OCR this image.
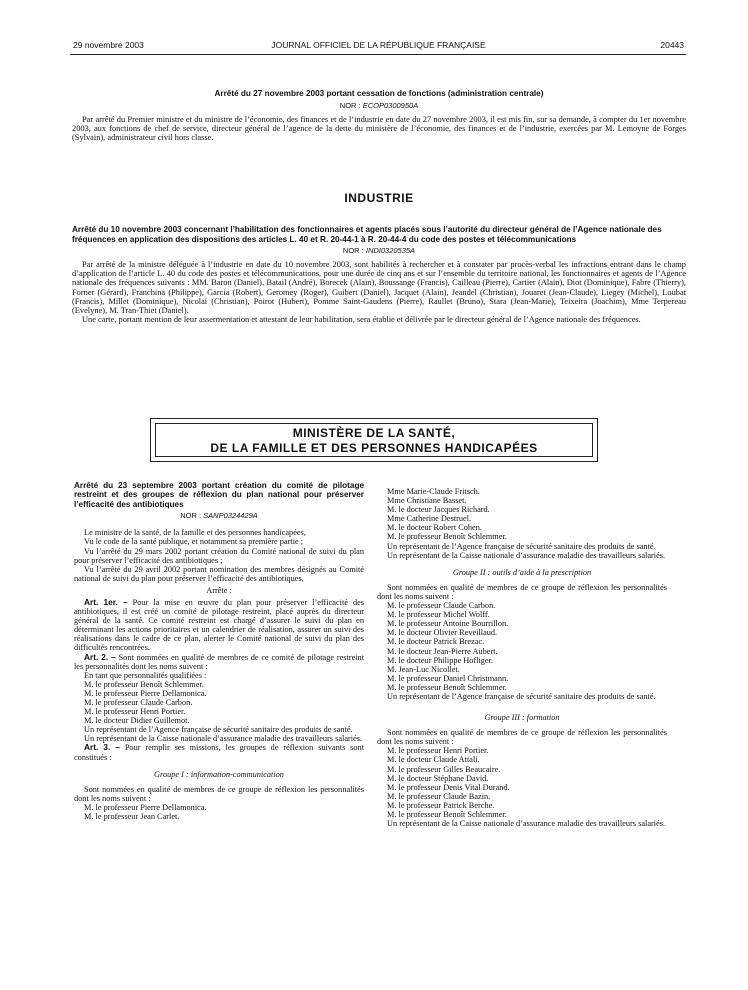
29 novembre 2003	JOURNAL OFFICIEL DE LA RÉPUBLIQUE FRANÇAISE	20443
Arrêté du 27 novembre 2003 portant cessation de fonctions (administration centrale)
NOR : ECOP0300950A
Par arrêté du Premier ministre et du ministre de l’économie, des finances et de l’industrie en date du 27 novembre 2003, il est mis fin, sur sa demande, à compter du 1er novembre 2003, aux fonctions de chef de service, directeur général de l’agence de la dette du ministère de l’économie, des finances et de l’industrie, exercées par M. Lemoyne de Forges (Sylvain), administrateur civil hors classe.
INDUSTRIE
Arrêté du 10 novembre 2003 concernant l’habilitation des fonctionnaires et agents placés sous l’autorité du directeur général de l’Agence nationale des fréquences en application des dispositions des articles L. 40 et R. 20-44-1 à R. 20-44-4 du code des postes et télécommunications
NOR : INDI0320535A
Par arrêté de la ministre déléguée à l’industrie en date du 10 novembre 2003, sont habilités à rechercher et à constater par procès-verbal les infractions entrant dans le champ d’application de l’article L. 40 du code des postes et télécommunications, pour une durée de cinq ans et sur l’ensemble du territoire national, les fonctionnaires et agents de l’Agence nationale des fréquences suivants : MM. Baron (Daniel), Batail (André), Borecek (Alain), Boussange (Francis), Cailleau (Pierre), Cartier (Alain), Diot (Dominique), Fabre (Thierry), Forner (Gérard), Franchina (Philippe), Garcia (Robert), Geromey (Roger), Guibert (Daniel), Jacquet (Alain), Jeandel (Christian), Jouaret (Jean-Claude), Liegey (Michel), Loubat (Francis), Millet (Dominique), Nicolai (Christian), Poirot (Hubert), Pomme Saint-Gaudens (Pierre), Raullet (Bruno), Stara (Jean-Marie), Teixeira (Joachim), Mme Terpereau (Evelyne), M. Tran-Thiet (Daniel).
Une carte, portant mention de leur assermentation et attestant de leur habilitation, sera établie et délivrée par le directeur général de l’Agence nationale des fréquences.
MINISTÈRE DE LA SANTÉ,
DE LA FAMILLE ET DES PERSONNES HANDICAPÉES

Arrêté du 23 septembre 2003 portant création du comité de pilotage restreint et des groupes de réflexion du plan national pour préserver l’efficacité des antibiotiques

NOR : SANP0324429A

Le ministre de la santé, de la famille et des personnes handicapées,

Vu le code de la santé publique, et notamment sa première partie ;

Vu l’arrêté du 29 mars 2002 portant création du Comité national de suivi du plan pour préserver l’efficacité des antibiotiques ;

Vu l’arrêté du 29 avril 2002 portant nomination des membres désignés au Comité national de suivi du plan pour préserver l’efficacité des antibiotiques,

Arrête :

Art. 1er. – Pour la mise en œuvre du plan pour préserver l’efficacité des antibiotiques, il est créé un comité de pilotage restreint, placé auprès du directeur général de la santé. Ce comité restreint est chargé d’assurer le suivi du plan en déterminant les actions prioritaires et un calendrier de réalisation, assurer un suivi des réalisations dans le cadre de ce plan, alerter le Comité national de suivi du plan des difficultés rencontrées.

Art. 2. – Sont nommées en qualité de membres de ce comité de pilotage restreint les personnalités dont les noms suivent :

En tant que personnalités qualifiées :

M. le professeur Benoît Schlemmer.

M. le professeur Pierre Dellamonica.

M. le professeur Claude Carbon.

M. le professeur Henri Portier.

M. le docteur Didier Guillemot.

Un représentant de l’Agence française de sécurité sanitaire des produits de santé.

Un représentant de la Caisse nationale d’assurance maladie des travailleurs salariés.

Art. 3. – Pour remplir ses missions, les groupes de réflexion suivants sont constitués :

Groupe I : information-communication

Sont nommées en qualité de membres de ce groupe de réflexion les personnalités dont les noms suivent :

M. le professeur Pierre Dellamonica.

M. le professeur Jean Carlet.

Mme Marie-Claude Fritsch.

Mme Christiane Basset.

M. le docteur Jacques Richard.

Mme Catherine Destruel.

M. le docteur Robert Cohen.

M. le professeur Benoît Schlemmer.

Un représentant de l’Agence française de sécurité sanitaire des produits de santé.

Un représentant de la Caisse nationale d’assurance maladie des travailleurs salariés.

Groupe II : outils d’aide à la prescription

Sont nommées en qualité de membres de ce groupe de réflexion les personnalités dont les noms suivent :

M. le professeur Claude Carbon.

M. le professeur Michel Wolff.

M. le professeur Antoine Bourrillon.

M. le docteur Olivier Reveillaud.

M. le docteur Patrick Brezac.

M. le docteur Jean-Pierre Aubert.

M. le docteur Philippe Hofliger.

M. Jean-Luc Nicollet.

M. le professeur Daniel Christmann.

M. le professeur Benoît Schlemmer.

Un représentant de l’Agence française de sécurité sanitaire des produits de santé.

Groupe III : formation

Sont nommées en qualité de membres de ce groupe de réflexion les personnalités dont les noms suivent :

M. le professeur Henri Portier.

M. le docteur Claude Attali.

M. le professeur Gilles Beaucaire.

M. le docteur Stéphane David.

M. le professeur Denis Vital Durand.

M. le professeur Claude Bazin.

M. le professeur Patrick Berche.

M. le professeur Benoît Schlemmer.

Un représentant de la Caisse nationale d’assurance maladie des travailleurs salariés.
